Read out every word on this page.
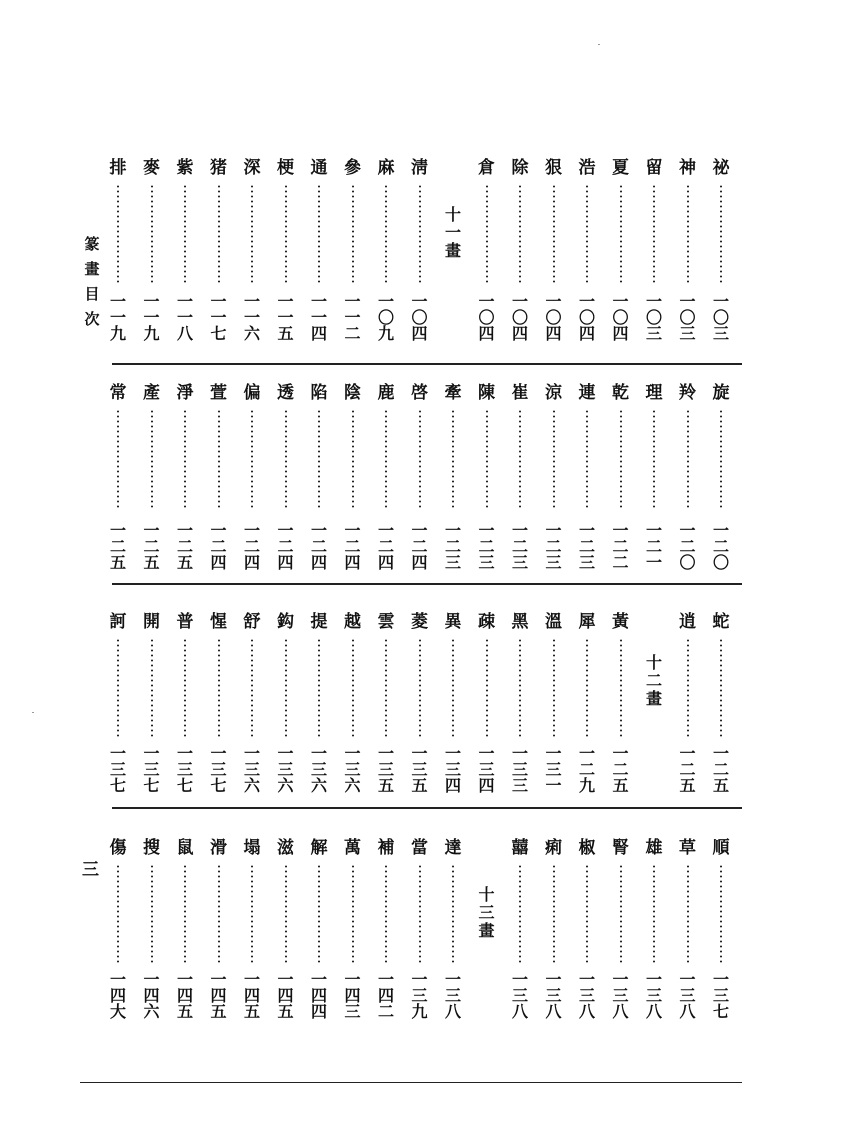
篆
畫
目
次
三
祕
一
〇
三
神
一
〇
三
留
一
〇
三
夏
一
〇
四
浩
一
〇
四
狠
一
〇
四
除
一
〇
四
倉
一
〇
四
十
一
畫
淸
一
〇
四
麻
一
〇
九
參
一
一
二
通
一
一
四
梗
一
一
五
深
一
一
六
猪
一
一
七
紫
一
一
八
麥
一
一
九
排
一
一
九
旋
一
二
〇
羚
一
二
〇
理
一
二
一
乾
一
二
二
連
一
二
三
涼
一
二
三
崔
一
二
三
陳
一
二
三
牽
一
二
三
啓
一
二
四
鹿
一
二
四
陰
一
二
四
陷
一
二
四
透
一
二
四
偏
一
二
四
萱
一
二
四
淨
一
二
五
產
一
二
五
常
一
二
五
蛇
一
二
五
逍
一
二
五
十
二
畫
黃
一
二
五
犀
一
二
九
溫
一
三
一
黑
一
三
三
疎
一
三
四
異
一
三
四
菱
一
三
五
雲
一
三
五
越
一
三
六
提
一
三
六
鈎
一
三
六
舒
一
三
六
惺
一
三
七
普
一
三
七
開
一
三
七
訶
一
三
七
順
一
三
七
草
一
三
八
雄
一
三
八
腎
一
三
八
椒
一
三
八
痢
一
三
八
囍
一
三
八
十
三
畫
達
一
三
八
當
一
三
九
補
一
四
二
萬
一
四
三
解
一
四
四
滋
一
四
五
塌
一
四
五
滑
一
四
五
鼠
一
四
五
搜
一
四
六
傷
一
四
大
